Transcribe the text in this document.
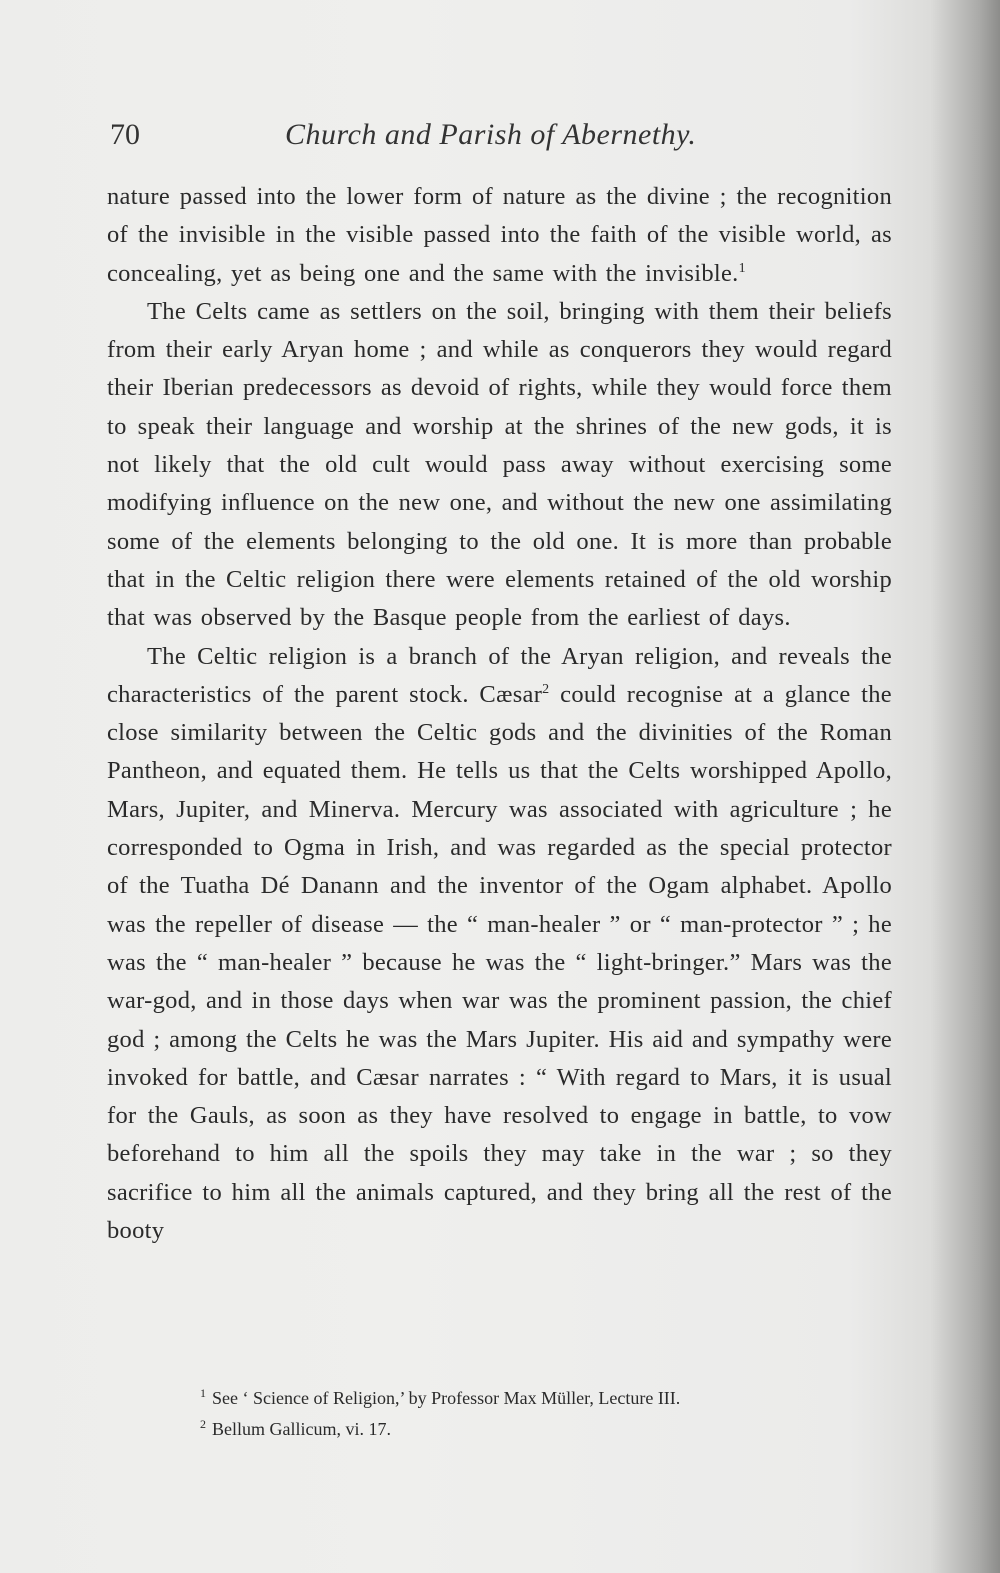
70	Church and Parish of Abernethy.

nature passed into the lower form of nature as the divine ; the recognition of the invisible in the visible passed into the faith of the visible world, as concealing, yet as being one and the same with the invisible.$^1$

The Celts came as settlers on the soil, bringing with them their beliefs from their early Aryan home ; and while as conquerors they would regard their Iberian predecessors as devoid of rights, while they would force them to speak their language and worship at the shrines of the new gods, it is not likely that the old cult would pass away without exercising some modifying influence on the new one, and without the new one assimilating some of the elements belonging to the old one. It is more than probable that in the Celtic religion there were elements retained of the old worship that was observed by the Basque people from the earliest of days.

The Celtic religion is a branch of the Aryan religion, and reveals the characteristics of the parent stock. Cæsar$^2$ could recognise at a glance the close similarity between the Celtic gods and the divinities of the Roman Pantheon, and equated them. He tells us that the Celts worshipped Apollo, Mars, Jupiter, and Minerva. Mercury was associated with agriculture ; he corresponded to Ogma in Irish, and was regarded as the special protector of the Tuatha Dé Danann and the inventor of the Ogam alphabet. Apollo was the repeller of disease — the “ man-healer ” or “ man-protector ” ; he was the “ man-healer ” because he was the “ light-bringer.” Mars was the war-god, and in those days when war was the prominent passion, the chief god ; among the Celts he was the Mars Jupiter. His aid and sympathy were invoked for battle, and Cæsar narrates : “ With regard to Mars, it is usual for the Gauls, as soon as they have resolved to engage in battle, to vow beforehand to him all the spoils they may take in the war ; so they sacrifice to him all the animals captured, and they bring all the rest of the booty

$^1$ See ‘ Science of Religion,’ by Professor Max Müller, Lecture III.
$^2$ Bellum Gallicum, vi. 17.
